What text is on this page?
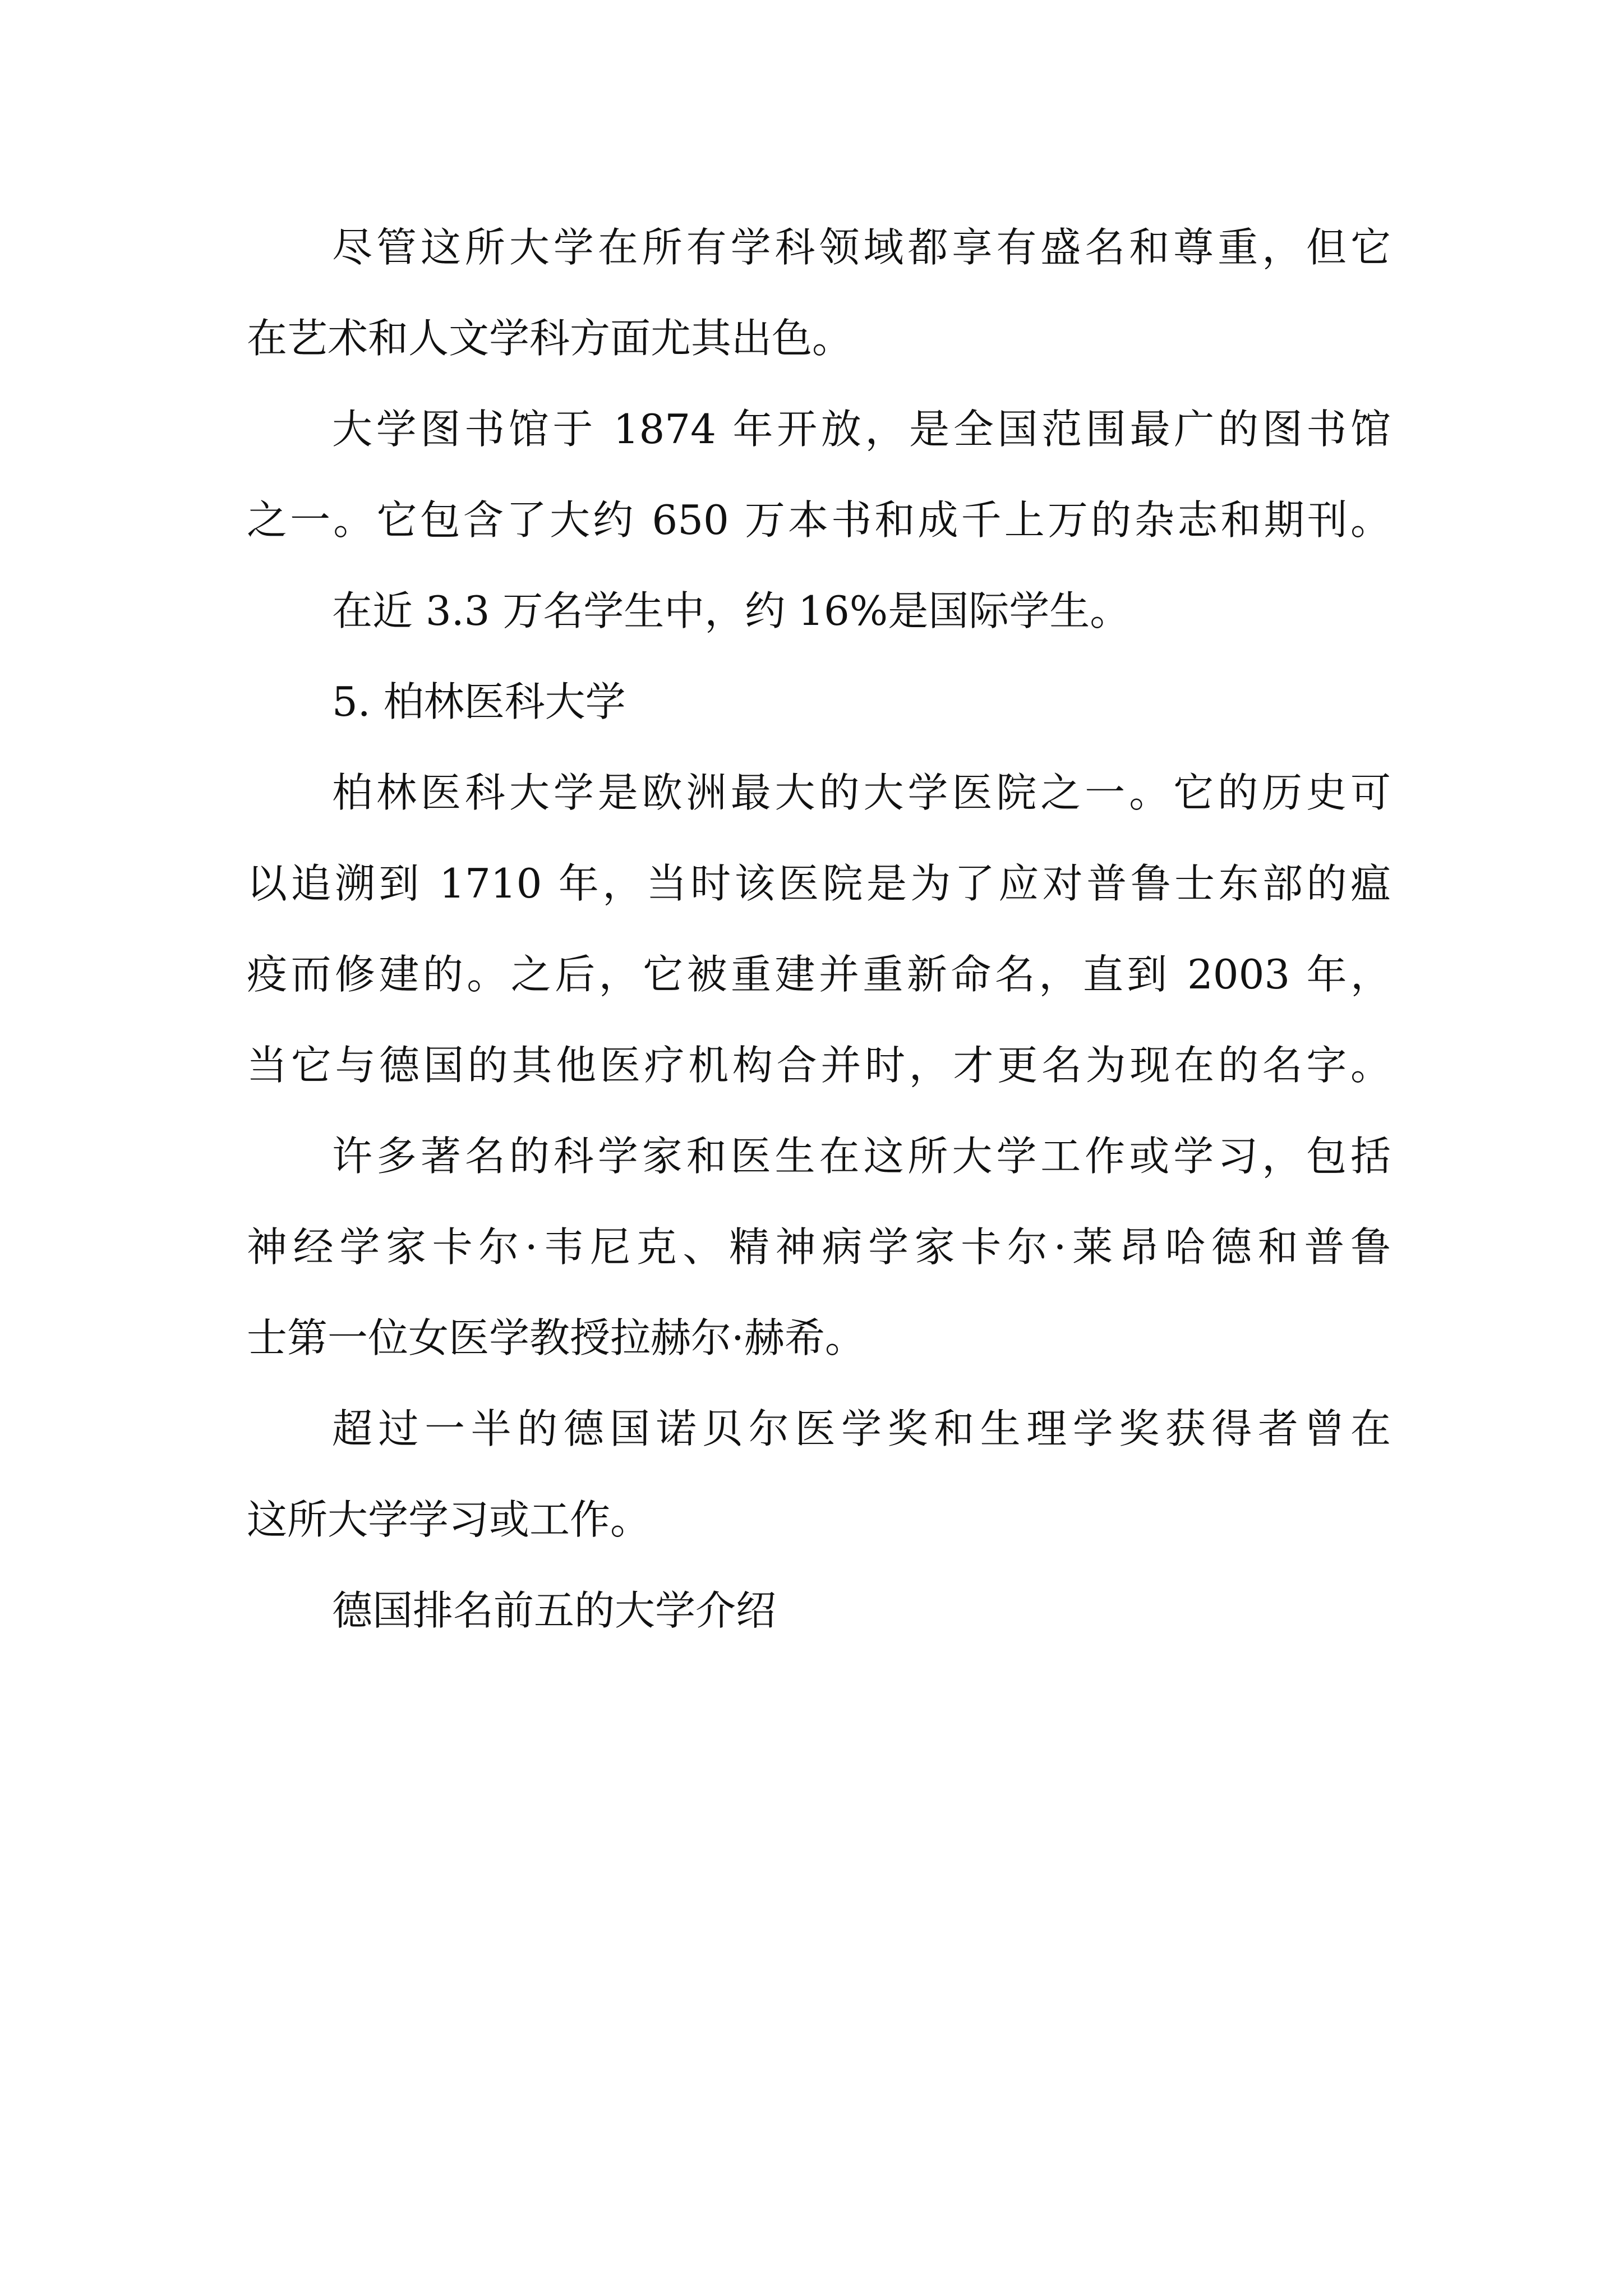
尽管这所大学在所有学科领域都享有盛名和尊重，但它
在艺术和人文学科方面尤其出色。
大学图书馆于 1874 年开放，是全国范围最广的图书馆
之一。它包含了大约 650 万本书和成千上万的杂志和期刊。
在近 3.3 万名学生中，约 16%是国际学生。
5. 柏林医科大学
柏林医科大学是欧洲最大的大学医院之一。它的历史可
以追溯到 1710 年，当时该医院是为了应对普鲁士东部的瘟
疫而修建的。之后，它被重建并重新命名，直到 2003 年，
当它与德国的其他医疗机构合并时，才更名为现在的名字。
许多著名的科学家和医生在这所大学工作或学习，包括
神经学家卡尔·韦尼克、精神病学家卡尔·莱昂哈德和普鲁
士第一位女医学教授拉赫尔·赫希。
超过一半的德国诺贝尔医学奖和生理学奖获得者曾在
这所大学学习或工作。
德国排名前五的大学介绍
